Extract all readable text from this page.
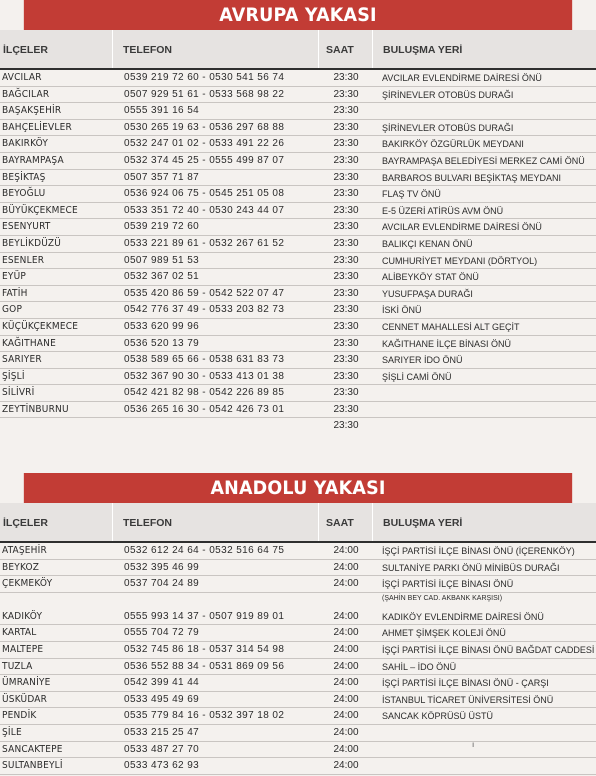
AVRUPA YAKASI
İLÇELER	TELEFON	SAAT	BULUŞMA YERİ
AVCILAR	0539 219 72 60 - 0530 541 56 74	23:30	AVCILAR EVLENDİRME DAİRESİ ÖNÜ
BAĞCILAR	0507 929 51 61 - 0533 568 98 22	23:30	ŞİRİNEVLER OTOBÜS DURAĞI
BAŞAKŞEHİR	0555 391 16 54	23:30
BAHÇELİEVLER	0530 265 19 63 - 0536 297 68 88	23:30	ŞİRİNEVLER OTOBÜS DURAĞI
BAKIRKÖY	0532 247 01 02 - 0533 491 22 26	23:30	BAKIRKÖY ÖZGÜRLÜK MEYDANI
BAYRAMPAŞA	0532 374 45 25 - 0555 499 87 07	23:30	BAYRAMPAŞA BELEDİYESİ MERKEZ CAMİ ÖNÜ
BEŞİKTAŞ	0507 357 71 87	23:30	BARBAROS BULVARI BEŞİKTAŞ MEYDANI
BEYOĞLU	0536 924 06 75 - 0545 251 05 08	23:30	FLAŞ TV ÖNÜ
BÜYÜKÇEKMECE	0533 351 72 40 - 0530 243 44 07	23:30	E-5 ÜZERİ ATİRÜS AVM ÖNÜ
ESENYURT	0539 219 72 60	23:30	AVCILAR EVLENDİRME DAİRESİ ÖNÜ
BEYLİKDÜZÜ	0533 221 89 61 - 0532 267 61 52	23:30	BALIKÇI KENAN ÖNÜ
ESENLER	0507 989 51 53	23:30	CUMHURİYET MEYDANI (DÖRTYOL)
EYÜP	0532 367 02 51	23:30	ALİBEYKÖY STAT ÖNÜ
FATİH	0535 420 86 59 - 0542 522 07 47	23:30	YUSUFPAŞA DURAĞI
GOP	0542 776 37 49 - 0533 203 82 73	23:30	İSKİ ÖNÜ
KÜÇÜKÇEKMECE	0533 620 99 96	23:30	CENNET MAHALLESİ ALT GEÇİT
KAĞITHANE	0536 520 13 79	23:30	KAĞITHANE İLÇE BİNASI ÖNÜ
SARIYER	0538 589 65 66 - 0538 631 83 73	23:30	SARIYER İDO ÖNÜ
ŞİŞLİ	0532 367 90 30 - 0533 413 01 38	23:30	ŞİŞLİ CAMİ ÖNÜ
SİLİVRİ	0542 421 82 98 - 0542 226 89 85	23:30
ZEYTİNBURNU	0536 265 16 30 - 0542 426 73 01	23:30
23:30
ANADOLU YAKASI
İLÇELER	TELEFON	SAAT	BULUŞMA YERİ
ATAŞEHİR	0532 612 24 64 - 0532 516 64 75	24:00	İŞÇİ PARTİSİ İLÇE BİNASI ÖNÜ (İÇERENKÖY)
BEYKOZ	0532 395 46 99	24:00	SULTANİYE PARKI ÖNÜ MİNİBÜS DURAĞI
ÇEKMEKÖY	0537 704 24 89	24:00	İŞÇİ PARTİSİ İLÇE BİNASI ÖNÜ
(ŞAHİN BEY CAD. AKBANK KARŞISI)
KADIKÖY	0555 993 14 37 - 0507 919 89 01	24:00	KADIKÖY EVLENDİRME DAİRESİ ÖNÜ
KARTAL	0555 704 72 79	24:00	AHMET ŞİMŞEK KOLEJİ ÖNÜ
MALTEPE	0532 745 86 18 - 0537 314 54 98	24:00	İŞÇİ PARTİSİ İLÇE BİNASI ÖNÜ BAĞDAT CADDESİ
TUZLA	0536 552 88 34 - 0531 869 09 56	24:00	SAHİL – İDO ÖNÜ
ÜMRANİYE	0542 399 41 44	24:00	İŞÇİ PARTİSİ İLÇE BİNASI ÖNÜ - ÇARŞI
ÜSKÜDAR	0533 495 49 69	24:00	İSTANBUL TİCARET ÜNİVERSİTESİ ÖNÜ
PENDİK	0535 779 84 16 - 0532 397 18 02	24:00	SANCAK KÖPRÜSÜ ÜSTÜ
ŞİLE	0533 215 25 47	24:00
SANCAKTEPE	0533 487 27 70	24:00
SULTANBEYLİ	0533 473 62 93	24:00
ı
